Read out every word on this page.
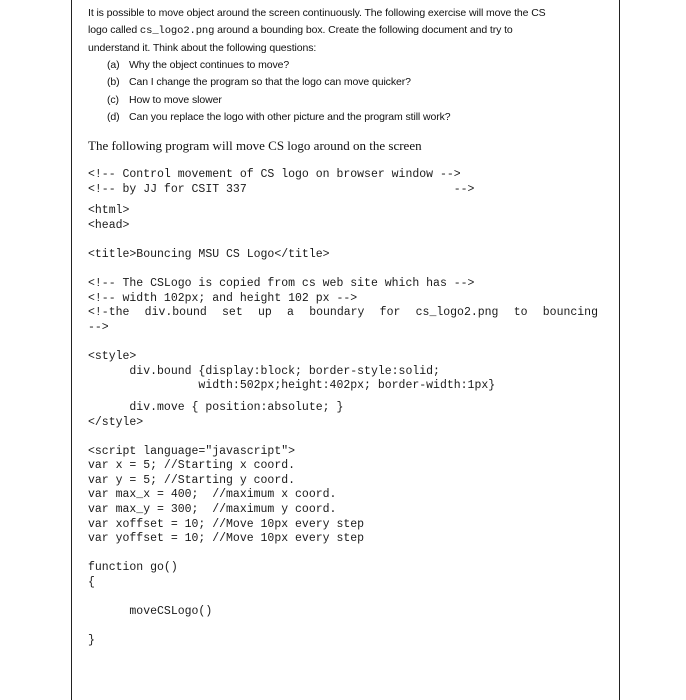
It is possible to move object around the screen continuously. The following exercise will move the CS

logo called cs_logo2.png around a bounding box. Create the following document and try to

understand it. Think about the following questions:

(a) Why the object continues to move?
(b) Can I change the program so that the logo can move quicker?
(c) How to move slower
(d) Can you replace the logo with other picture and the program still work?
The following program will move CS logo around on the screen
<!-- Control movement of CS logo on browser window -->
<!-- by JJ for CSIT 337                              -->
<html>
<head>
<title>Bouncing MSU CS Logo</title>
<!-- The CSLogo is copied from cs web site which has -->
<!-- width 102px; and height 102 px -->
<!-the div.bound set up a boundary for cs_logo2.png to bouncing
-->
<style>
div.bound {display:block; border-style:solid;
width:502px;height:402px; border-width:1px}
div.move { position:absolute; }
</style>
<script language="javascript">
var x = 5; //Starting x coord.
var y = 5; //Starting y coord.
var max_x = 400;  //maximum x coord.
var max_y = 300;  //maximum y coord.
var xoffset = 10; //Move 10px every step
var yoffset = 10; //Move 10px every step
function go()
{
moveCSLogo()
}
